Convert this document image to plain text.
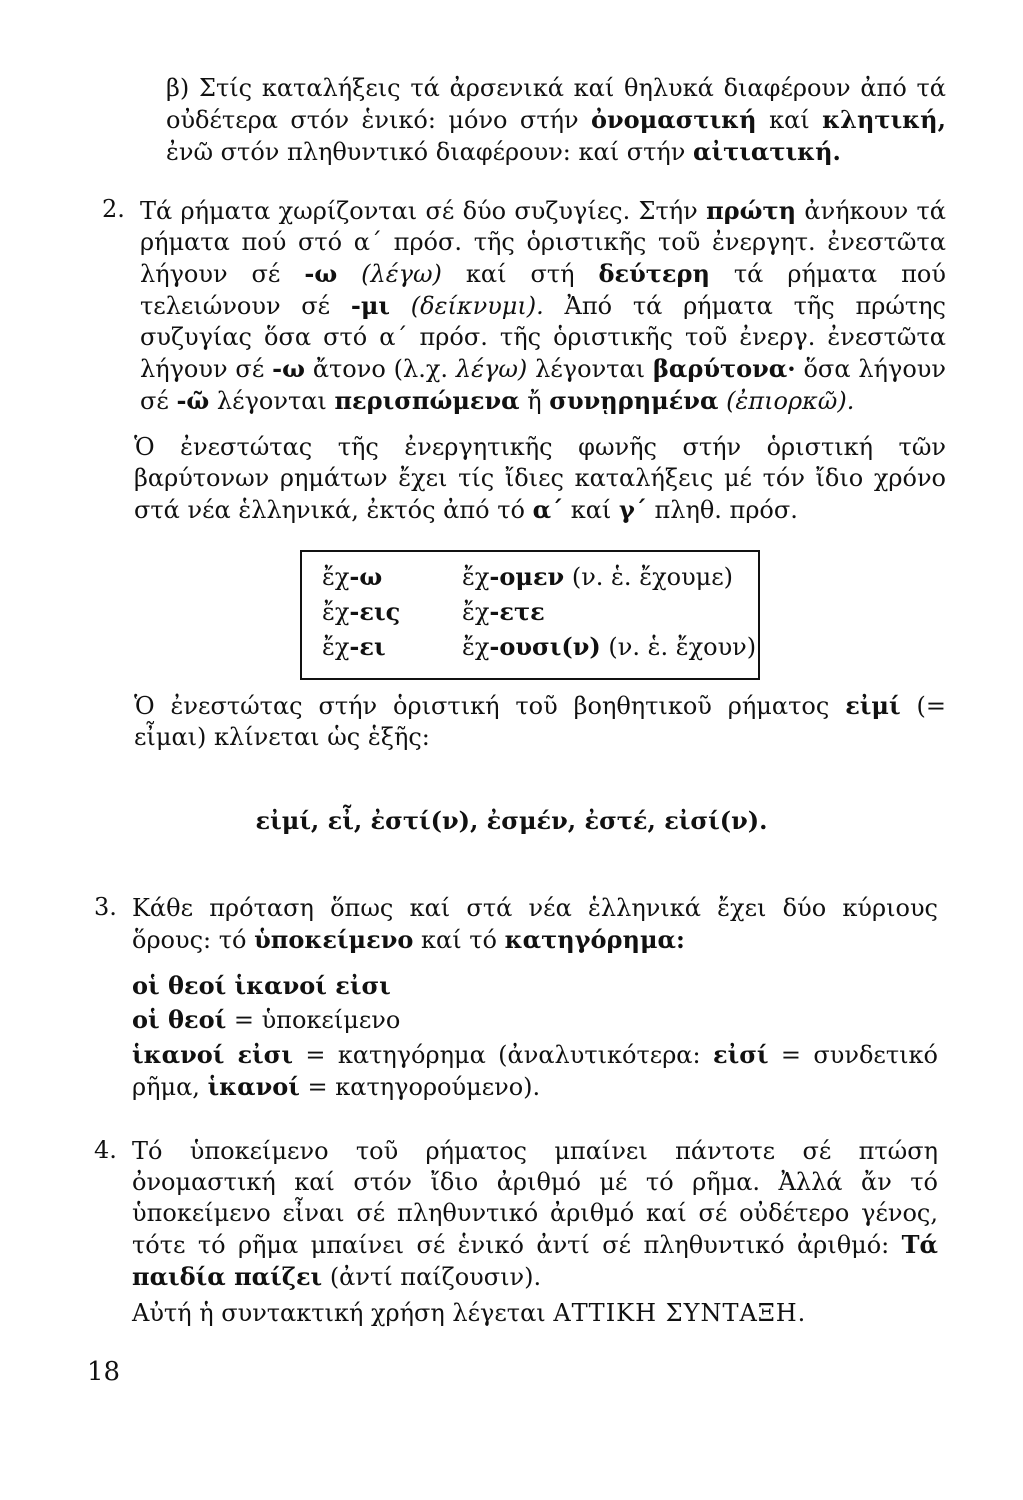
β) Στίς καταλήξεις τά ἀρσενικά καί θηλυκά διαφέρουν ἀπό τά οὐδέτερα στόν ἑνικό: μόνο στήν ὀνομαστική καί κλητική, ἐνῶ στόν πληθυντικό διαφέρουν: καί στήν αἰτιατική.
2. Τά ρήματα χωρίζονται σέ δύο συζυγίες. Στήν πρώτη ἀνήκουν τά ρήματα πού στό α΄ πρόσ. τῆς ὁριστικῆς τοῦ ἐνεργητ. ἐνεστῶτα λήγουν σέ -ω (λέγω) καί στή δεύτερη τά ρήματα πού τελειώνουν σέ -μι (δείκνυμι). Ἀπό τά ρήματα τῆς πρώτης συζυγίας ὅσα στό α΄ πρόσ. τῆς ὁριστικῆς τοῦ ἐνεργ. ἐνεστῶτα λήγουν σέ -ω ἄτονο (λ.χ. λέγω) λέγονται βαρύτονα· ὅσα λήγουν σέ -ῶ λέγονται περισπώμενα ἤ συνῃρημένα (ἐπιορκῶ).
Ὁ ἐνεστώτας τῆς ἐνεργητικῆς φωνῆς στήν ὁριστική τῶν βαρύτονων ρημάτων ἔχει τίς ἴδιες καταλήξεις μέ τόν ἴδιο χρόνο στά νέα ἑλληνικά, ἐκτός ἀπό τό α΄ καί γ΄ πληθ. πρόσ.
ἔχ-ω	ἔχ-ομεν (ν. ἑ. ἔχουμε)
ἔχ-εις	ἔχ-ετε
ἔχ-ει	ἔχ-ουσι(ν) (ν. ἑ. ἔχουν)
Ὁ ἐνεστώτας στήν ὁριστική τοῦ βοηθητικοῦ ρήματος εἰμί (= εἶμαι) κλίνεται ὡς ἑξῆς:
εἰμί, εἶ, ἐστί(ν), ἐσμέν, ἐστέ, εἰσί(ν).
3. Κάθε πρόταση ὅπως καί στά νέα ἑλληνικά ἔχει δύο κύριους ὅρους: τό ὑποκείμενο καί τό κατηγόρημα:
οἱ θεοί ἱκανοί εἰσι
οἱ θεοί = ὑποκείμενο
ἱκανοί εἰσι = κατηγόρημα (ἀναλυτικότερα: εἰσί = συνδετικό ρῆμα, ἱκανοί = κατηγορούμενο).
4. Τό ὑποκείμενο τοῦ ρήματος μπαίνει πάντοτε σέ πτώση ὀνομαστική καί στόν ἴδιο ἀριθμό μέ τό ρῆμα. Ἀλλά ἄν τό ὑποκείμενο εἶναι σέ πληθυντικό ἀριθμό καί σέ οὐδέτερο γένος, τότε τό ρῆμα μπαίνει σέ ἑνικό ἀντί σέ πληθυντικό ἀριθμό: Τά παιδία παίζει (ἀντί παίζουσιν).
Αὐτή ἡ συντακτική χρήση λέγεται ΑΤΤΙΚΗ ΣΥΝΤΑΞΗ.
18
